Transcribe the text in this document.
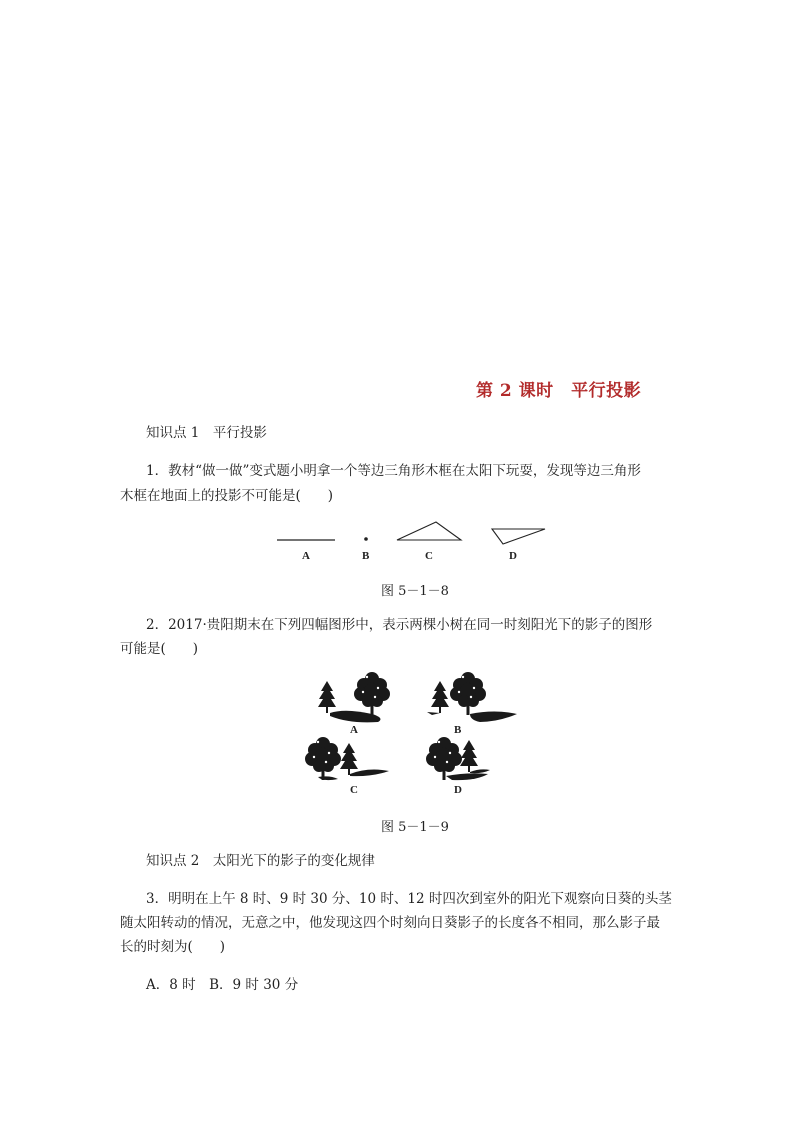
第 2 课时　平行投影
知识点 1　平行投影
1．教材“做一做”变式题小明拿一个等边三角形木框在太阳下玩耍，发现等边三角形
木框在地面上的投影不可能是(　　)
A	B	C	D
图 5－1－8
2．2017·贵阳期末在下列四幅图形中，表示两棵小树在同一时刻阳光下的影子的图形
可能是(　　)
A	B
C	D
图 5－1－9
知识点 2　太阳光下的影子的变化规律
3．明明在上午 8 时、9 时 30 分、10 时、12 时四次到室外的阳光下观察向日葵的头茎
随太阳转动的情况，无意之中，他发现这四个时刻向日葵影子的长度各不相同，那么影子最
长的时刻为(　　)
A．8 时　B．9 时 30 分
